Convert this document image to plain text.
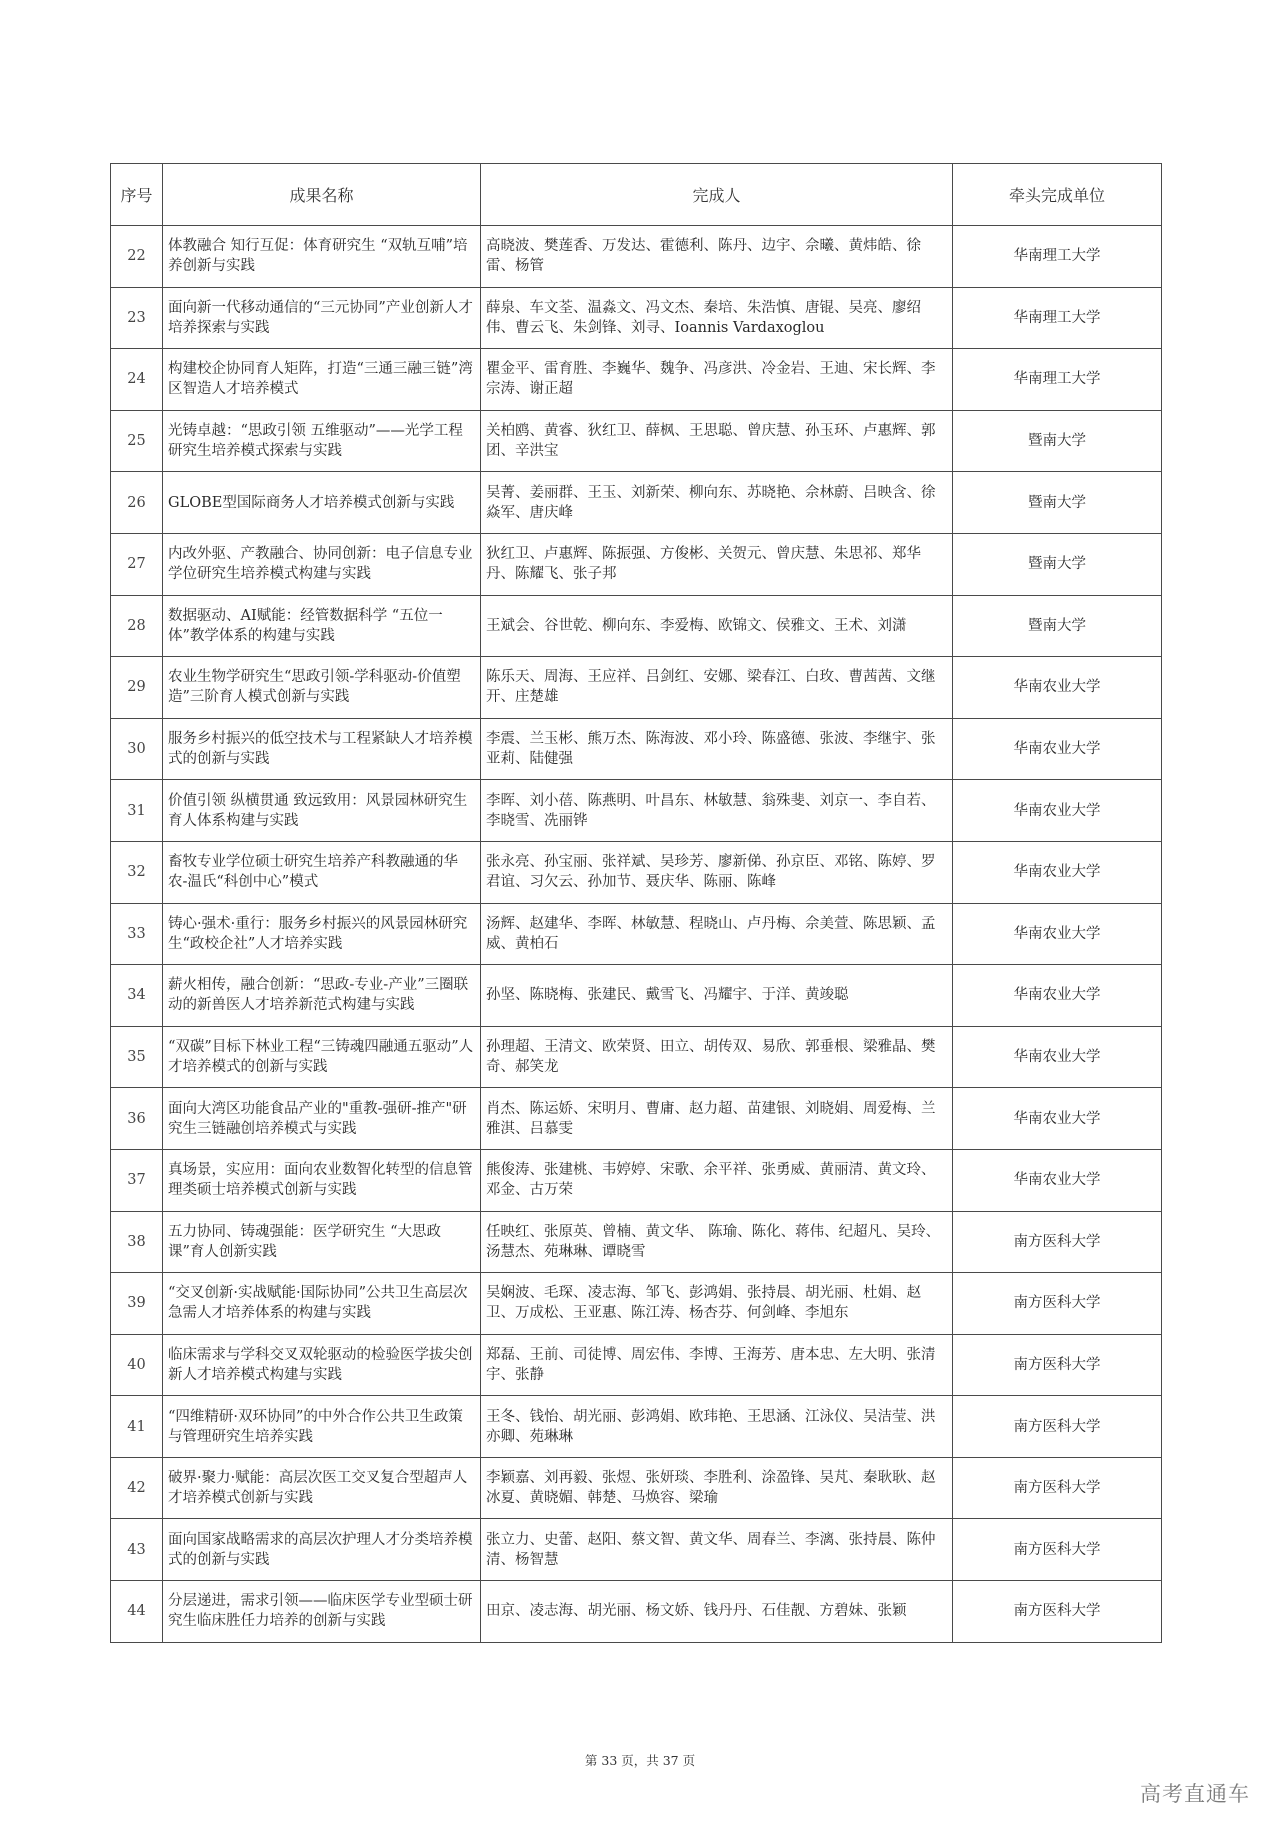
序号	成果名称	完成人	牵头完成单位
22	体教融合 知行互促：体育研究生 “双轨互哺”培养创新与实践	高晓波、樊莲香、万发达、霍德利、陈丹、边宇、佘曦、黄炜皓、徐雷、杨管	华南理工大学
23	面向新一代移动通信的“三元协同”产业创新人才培养探索与实践	薛泉、车文荃、温淼文、冯文杰、秦培、朱浩慎、唐锟、吴亮、廖绍伟、曹云飞、朱剑锋、刘寻、Ioannis Vardaxoglou	华南理工大学
24	构建校企协同育人矩阵，打造“三通三融三链”湾区智造人才培养模式	瞿金平、雷育胜、李巍华、魏争、冯彦洪、冷金岩、王迪、宋长辉、李宗涛、谢正超	华南理工大学
25	光铸卓越：“思政引领 五维驱动”——光学工程研究生培养模式探索与实践	关柏鸥、黄睿、狄红卫、薛枫、王思聪、曾庆慧、孙玉环、卢惠辉、郭团、辛洪宝	暨南大学
26	GLOBE型国际商务人才培养模式创新与实践	吴菁、姜丽群、王玉、刘新荣、柳向东、苏晓艳、佘林蔚、吕映含、徐焱军、唐庆峰	暨南大学
27	内改外驱、产教融合、协同创新：电子信息专业学位研究生培养模式构建与实践	狄红卫、卢惠辉、陈振强、方俊彬、关贺元、曾庆慧、朱思祁、郑华丹、陈耀飞、张子邦	暨南大学
28	数据驱动、AI赋能：经管数据科学 “五位一体”教学体系的构建与实践	王斌会、谷世乾、柳向东、李爱梅、欧锦文、侯雅文、王术、刘潇	暨南大学
29	农业生物学研究生“思政引领-学科驱动-价值塑造”三阶育人模式创新与实践	陈乐天、周海、王应祥、吕剑红、安娜、梁春江、白玫、曹茜茜、文继开、庄楚雄	华南农业大学
30	服务乡村振兴的低空技术与工程紧缺人才培养模式的创新与实践	李震、兰玉彬、熊万杰、陈海波、邓小玲、陈盛德、张波、李继宇、张亚莉、陆健强	华南农业大学
31	价值引领 纵横贯通 致远致用：风景园林研究生育人体系构建与实践	李晖、刘小蓓、陈燕明、叶昌东、林敏慧、翁殊斐、刘京一、李自若、李晓雪、冼丽铧	华南农业大学
32	畜牧专业学位硕士研究生培养产科教融通的华农-温氏“科创中心”模式	张永亮、孙宝丽、张祥斌、吴珍芳、廖新俤、孙京臣、邓铭、陈婷、罗君谊、习欠云、孙加节、聂庆华、陈丽、陈峰	华南农业大学
33	铸心·强术·重行：服务乡村振兴的风景园林研究生“政校企社”人才培养实践	汤辉、赵建华、李晖、林敏慧、程晓山、卢丹梅、佘美萱、陈思颖、孟威、黄柏石	华南农业大学
34	薪火相传，融合创新：“思政-专业-产业”三圈联动的新兽医人才培养新范式构建与实践	孙坚、陈晓梅、张建民、戴雪飞、冯耀宇、于洋、黄竣聪	华南农业大学
35	“双碳”目标下林业工程“三铸魂四融通五驱动”人才培养模式的创新与实践	孙理超、王清文、欧荣贤、田立、胡传双、易欣、郭垂根、梁雅晶、樊奇、郝笑龙	华南农业大学
36	面向大湾区功能食品产业的"重教-强研-推产"研究生三链融创培养模式与实践	肖杰、陈运娇、宋明月、曹庸、赵力超、苗建银、刘晓娟、周爱梅、兰雅淇、吕慕雯	华南农业大学
37	真场景，实应用：面向农业数智化转型的信息管理类硕士培养模式创新与实践	熊俊涛、张建桃、韦婷婷、宋歌、余平祥、张勇威、黄丽清、黄文玲、邓金、古万荣	华南农业大学
38	五力协同、铸魂强能：医学研究生 “大思政课”育人创新实践	任映红、张原英、曾楠、黄文华、 陈瑜、陈化、蒋伟、纪超凡、吴玲、汤慧杰、苑琳琳、谭晓雪	南方医科大学
39	“交叉创新·实战赋能·国际协同”公共卫生高层次急需人才培养体系的构建与实践	吴娴波、毛琛、凌志海、邹飞、彭鸿娟、张持晨、胡光丽、杜娟、赵卫、万成松、王亚惠、陈江涛、杨杏芬、何剑峰、李旭东	南方医科大学
40	临床需求与学科交叉双轮驱动的检验医学拔尖创新人才培养模式构建与实践	郑磊、王前、司徒博、周宏伟、李博、王海芳、唐本忠、左大明、张清宇、张静	南方医科大学
41	“四维精研·双环协同”的中外合作公共卫生政策与管理研究生培养实践	王冬、钱怡、胡光丽、彭鸿娟、欧玮艳、王思涵、江泳仪、吴洁莹、洪亦卿、苑琳琳	南方医科大学
42	破界·聚力·赋能：高层次医工交叉复合型超声人才培养模式创新与实践	李颖嘉、刘再毅、张煜、张妍琰、李胜利、涂盈锋、吴芃、秦耿耿、赵冰夏、黄晓媚、韩楚、马焕容、梁瑜	南方医科大学
43	面向国家战略需求的高层次护理人才分类培养模式的创新与实践	张立力、史蕾、赵阳、蔡文智、黄文华、周春兰、李漓、张持晨、陈仲清、杨智慧	南方医科大学
44	分层递进，需求引领——临床医学专业型硕士研究生临床胜任力培养的创新与实践	田京、凌志海、胡光丽、杨文娇、钱丹丹、石佳靓、方碧妹、张颖	南方医科大学
第 33 页，共 37 页
高考直通车
